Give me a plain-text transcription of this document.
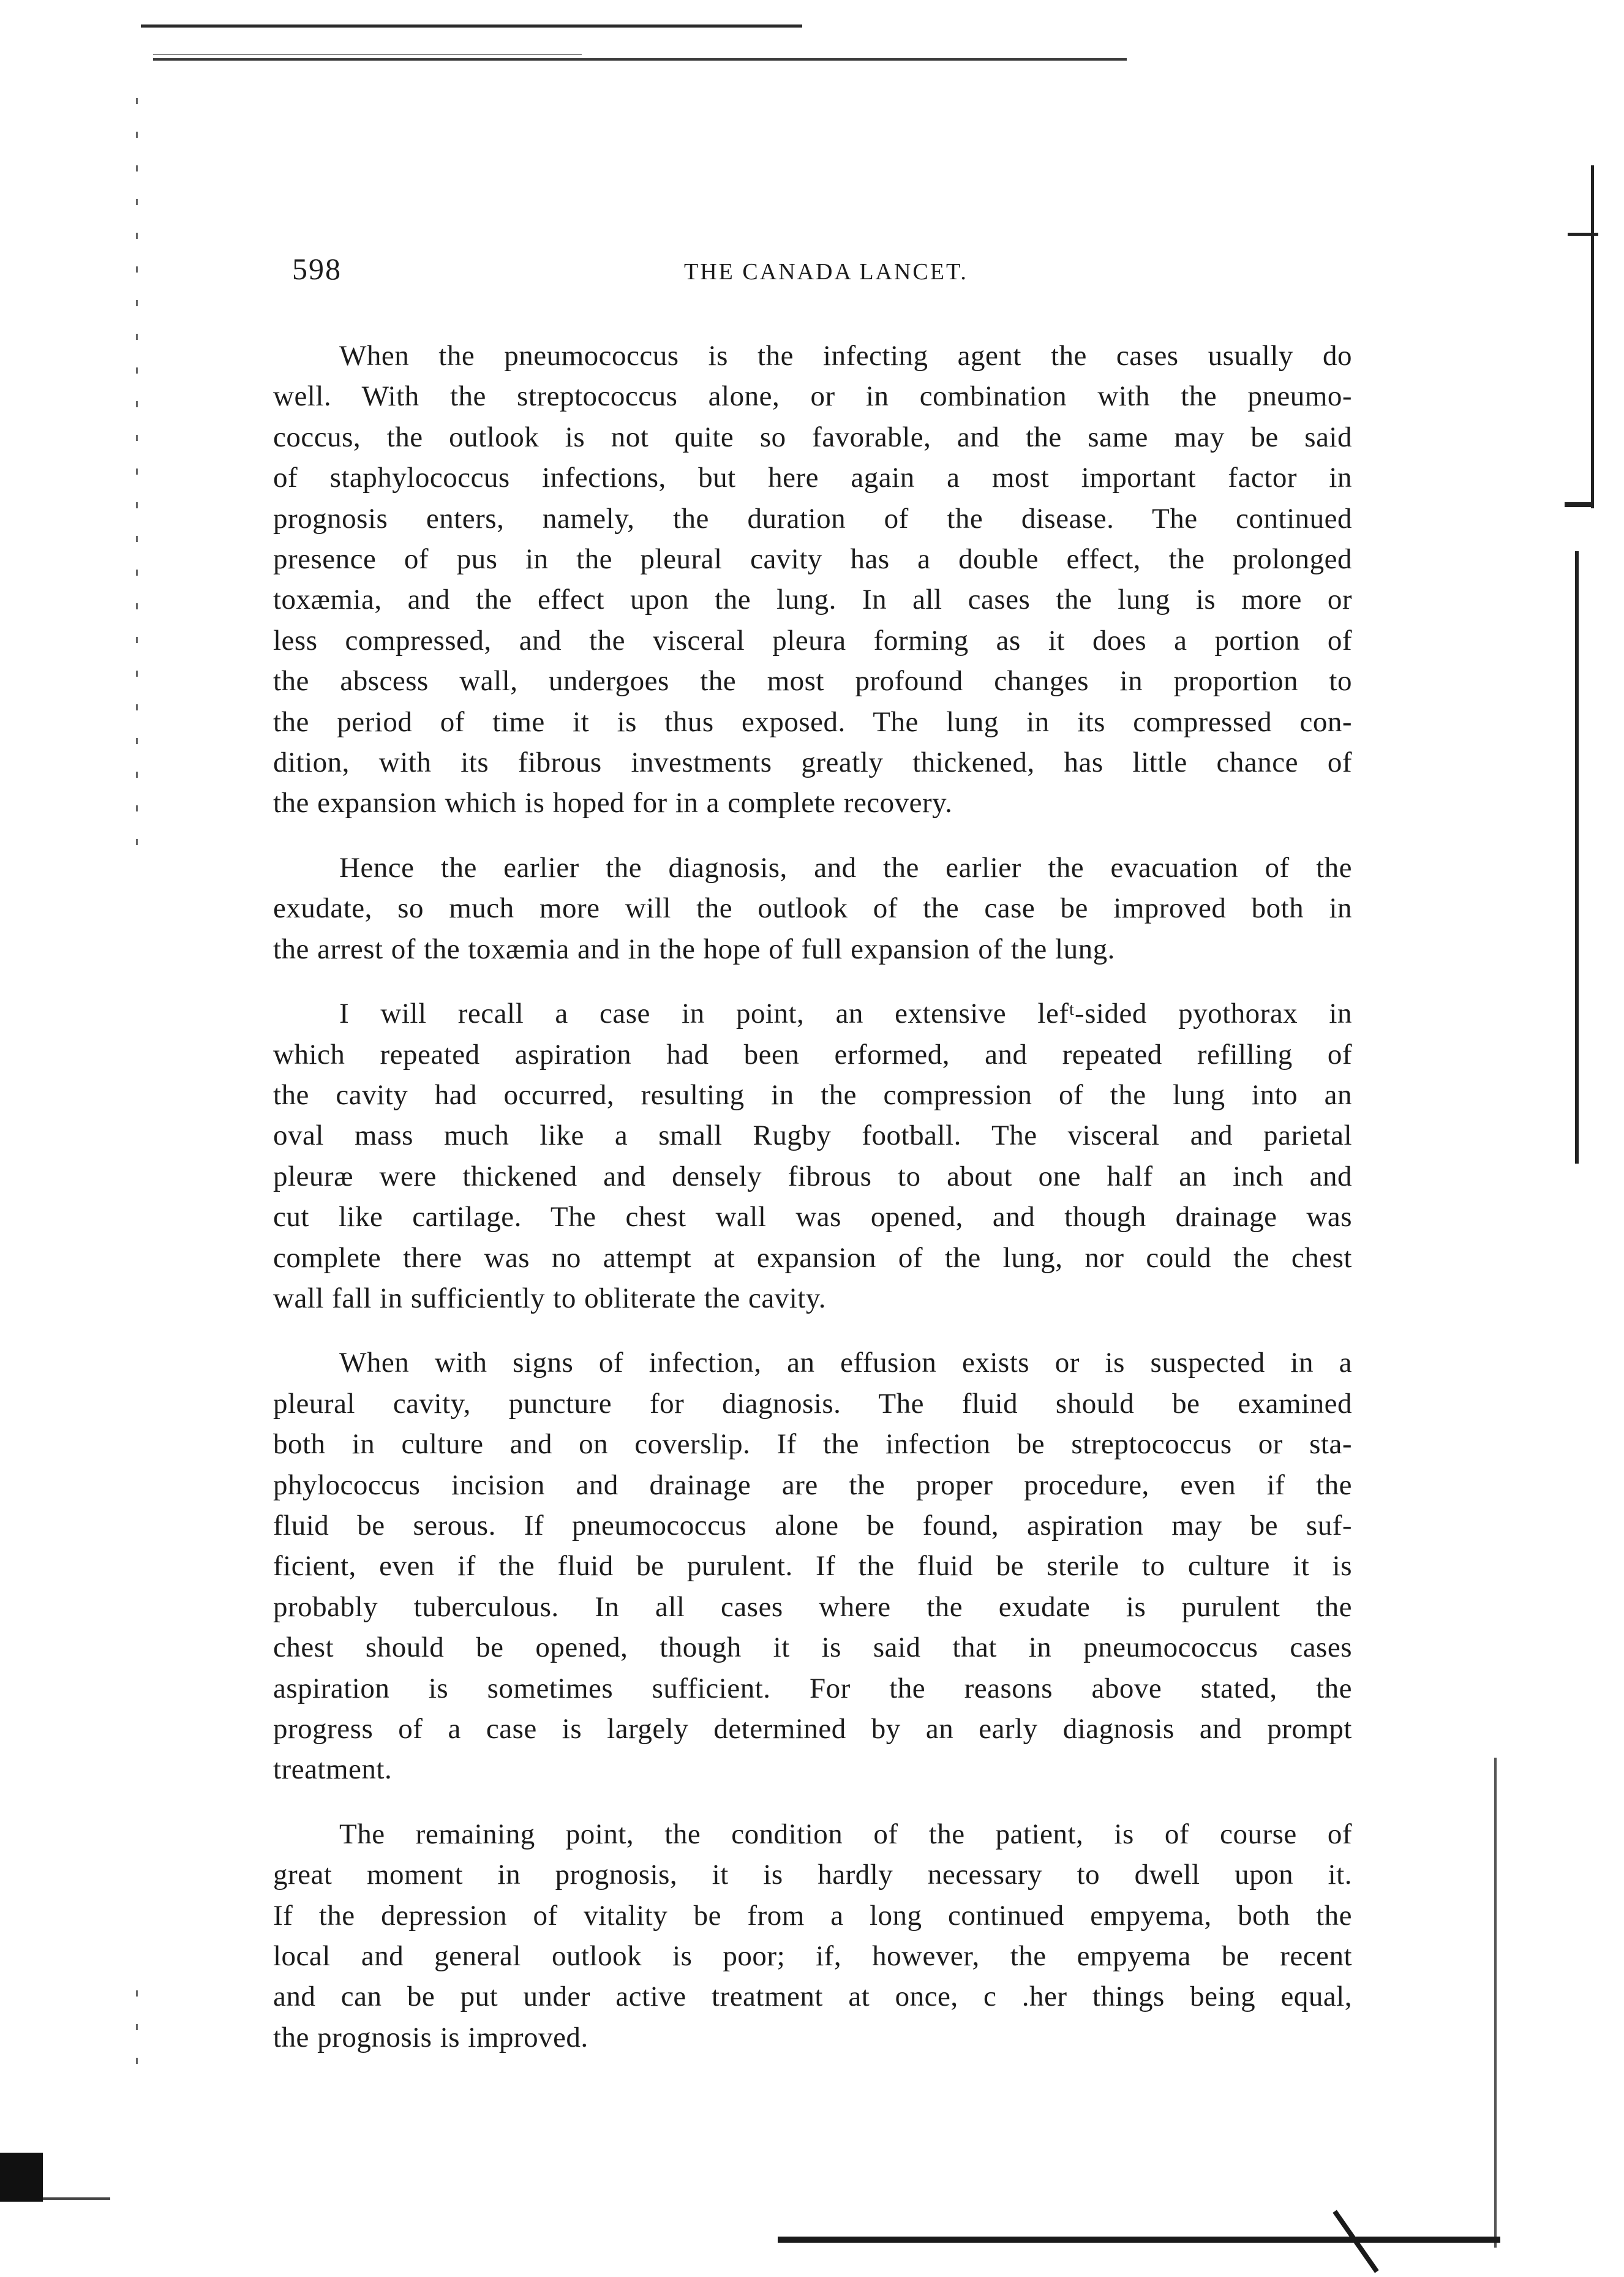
598	THE CANADA LANCET.

When the pneumococcus is the infecting agent the cases usually do
well. With the streptococcus alone, or in combination with the pneumo-
coccus, the outlook is not quite so favorable, and the same may be said
of staphylococcus infections, but here again a most important factor in
prognosis enters, namely, the duration of the disease. The continued
presence of pus in the pleural cavity has a double effect, the prolonged
toxæmia, and the effect upon the lung. In all cases the lung is more or
less compressed, and the visceral pleura forming as it does a portion of
the abscess wall, undergoes the most profound changes in proportion to
the period of time it is thus exposed. The lung in its compressed con-
dition, with its fibrous investments greatly thickened, has little chance of
the expansion which is hoped for in a complete recovery.

Hence the earlier the diagnosis, and the earlier the evacuation of the
exudate, so much more will the outlook of the case be improved both in
the arrest of the toxæmia and in the hope of full expansion of the lung.

I will recall a case in point, an extensive lefᵗ-sided pyothorax in
which repeated aspiration had been erformed, and repeated refilling of
the cavity had occurred, resulting in the compression of the lung into an
oval mass much like a small Rugby football. The visceral and parietal
pleuræ were thickened and densely fibrous to about one half an inch and
cut like cartilage. The chest wall was opened, and though drainage was
complete there was no attempt at expansion of the lung, nor could the chest
wall fall in sufficiently to obliterate the cavity.

When with signs of infection, an effusion exists or is suspected in a
pleural cavity, puncture for diagnosis. The fluid should be examined
both in culture and on coverslip. If the infection be streptococcus or sta-
phylococcus incision and drainage are the proper procedure, even if the
fluid be serous. If pneumococcus alone be found, aspiration may be suf-
ficient, even if the fluid be purulent. If the fluid be sterile to culture it is
probably tuberculous. In all cases where the exudate is purulent the
chest should be opened, though it is said that in pneumococcus cases
aspiration is sometimes sufficient. For the reasons above stated, the
progress of a case is largely determined by an early diagnosis and prompt
treatment.

The remaining point, the condition of the patient, is of course of
great moment in prognosis, it is hardly necessary to dwell upon it.
If the depression of vitality be from a long continued empyema, both the
local and general outlook is poor; if, however, the empyema be recent
and can be put under active treatment at once, c .her things being equal,
the prognosis is improved.
